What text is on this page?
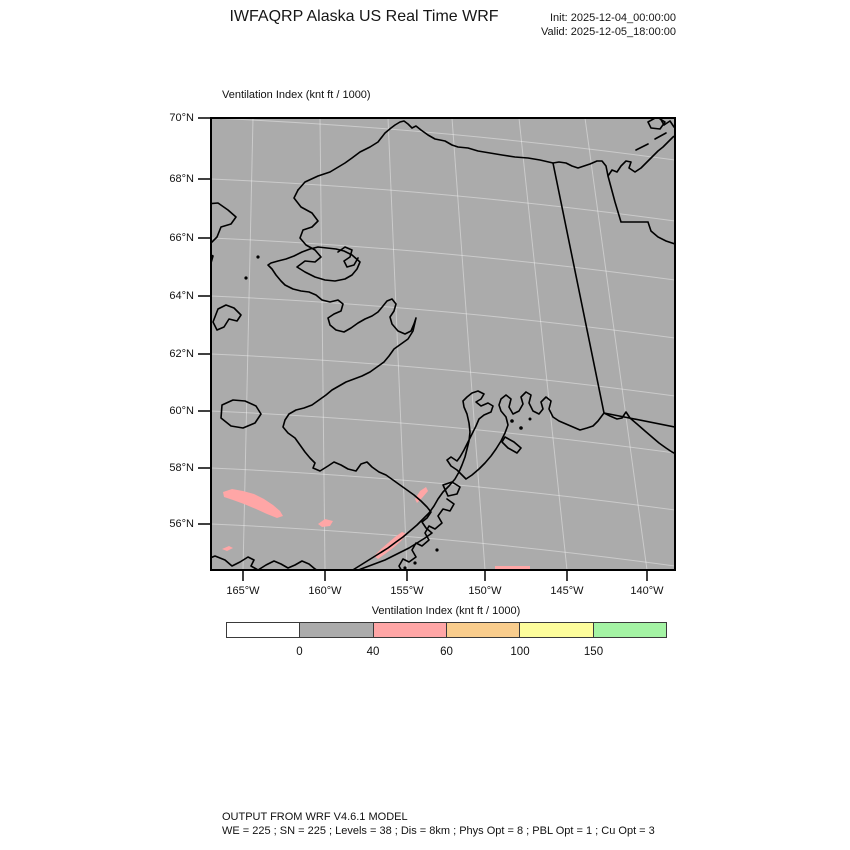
IWFAQRP Alaska US Real Time WRF	Init: 2025-12-04_00:00:00
Valid: 2025-12-05_18:00:00
Ventilation Index (knt ft / 1000)
70°N
68°N
66°N
64°N
62°N
60°N
58°N
56°N
165°W	160°W	155°W	150°W	145°W	140°W
Ventilation Index (knt ft / 1000)
0	40	60	100	150
OUTPUT FROM WRF V4.6.1 MODEL
WE = 225 ; SN = 225 ; Levels = 38 ; Dis = 8km ; Phys Opt = 8 ; PBL Opt = 1 ; Cu Opt = 3
